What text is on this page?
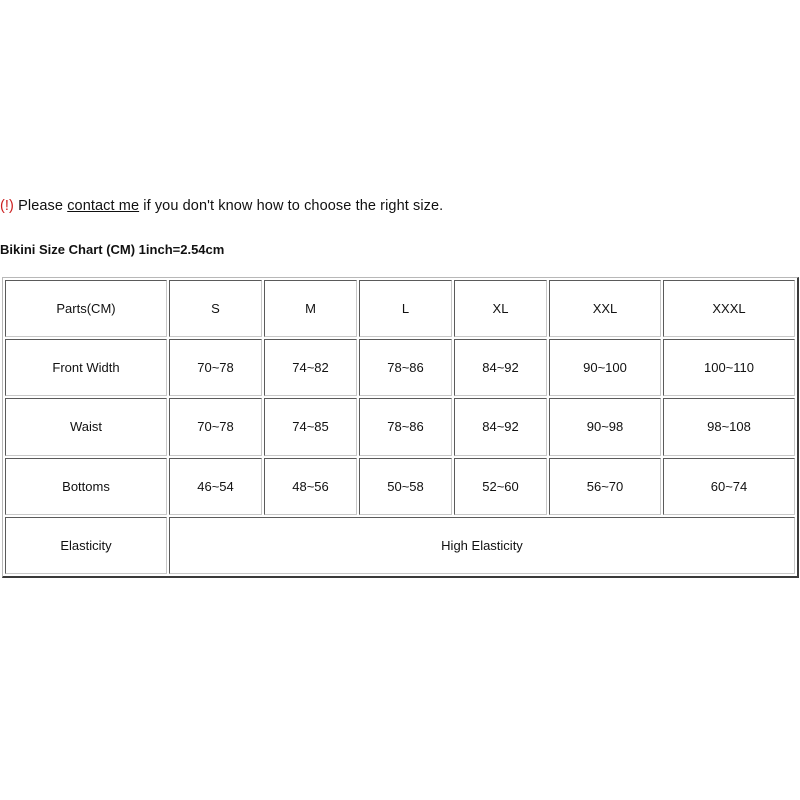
(!) Please contact me if you don't know how to choose the right size.
Bikini Size Chart (CM) 1inch=2.54cm
Parts(CM)	S	M	L	XL	XXL	XXXL
Front Width	70~78	74~82	78~86	84~92	90~100	100~110
Waist	70~78	74~85	78~86	84~92	90~98	98~108
Bottoms	46~54	48~56	50~58	52~60	56~70	60~74
Elasticity	High Elasticity					
